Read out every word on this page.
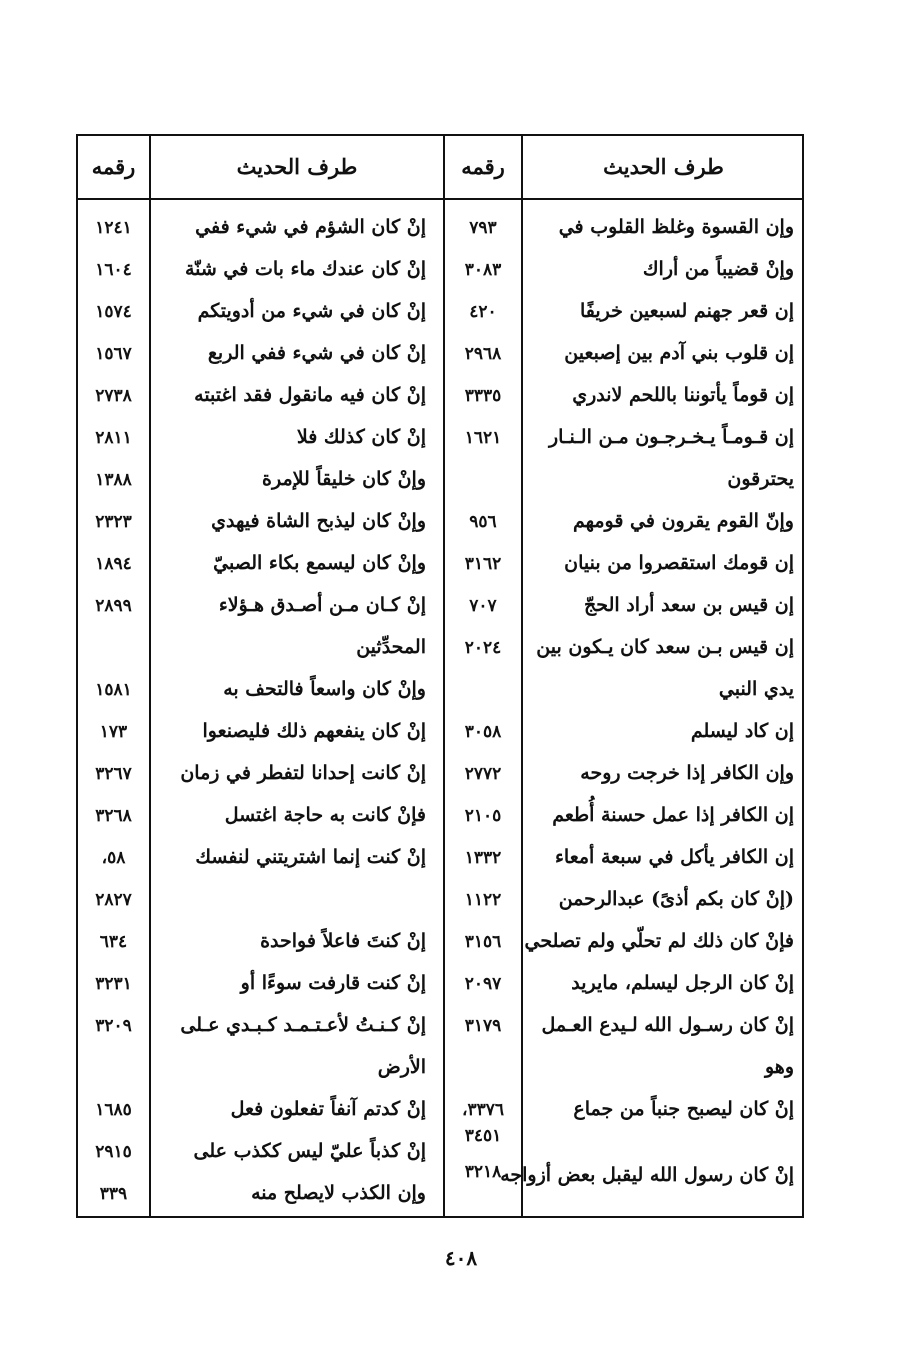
طرف الحديث
رقمه
طرف الحديث
رقمه
وإن القسوة وغلظ القلوب في
وإنْ قضيباً من أراك
إن قعر جهنم لسبعين خريفًا
إن قلوب بني آدم بين إصبعين
إن قوماً يأتوننا باللحم لاندري
إن قـومـاً يـخـرجـون مـن الـنـار
يحترقون
وإنّ القوم يقرون في قومهم
إن قومك استقصروا من بنيان
إن قيس بن سعد أراد الحجّ
إن قيس بـن سعد كان يـكون بين
يدي النبي
إن كاد ليسلم
وإن الكافر إذا خرجت روحه
إن الكافر إذا عمل حسنة أُطعم
إن الكافر يأكل في سبعة أمعاء
(إنْ كان بكم أذىً) عبدالرحمن
فإنْ كان ذلك لم تحلّي ولم تصلحي
إنْ كان الرجل ليسلم، مايريد
إنْ كان رسـول الله لـيدع العـمل
وهو
إنْ كان ليصبح جنباً من جماع
إنْ كان رسول الله ليقبل بعض أزواجه
٧٩٣
٣٠٨٣
٤٢٠
٢٩٦٨
٣٣٣٥
١٦٢١
٩٥٦
٣١٦٢
٧٠٧
٢٠٢٤
٣٠٥٨
٢٧٧٢
٢١٠٥
١٣٣٢
١١٢٢
٣١٥٦
٢٠٩٧
٣١٧٩
٣٣٧٦،
٣٤٥١
٣٢١٨
إنْ كان الشؤم في شيء ففي
إنْ كان عندك ماء بات في شنّة
إنْ كان في شيء من أدويتكم
إنْ كان في شيء ففي الربع
إنْ كان فيه مانقول فقد اغتبته
إنْ كان كذلك فلا
وإنْ كان خليقاً للإمرة
وإنْ كان ليذبح الشاة فيهدي
وإنْ كان ليسمع بكاء الصبيّ
إنْ كـان مـن أصـدق هـؤلاء
المحدِّثين
وإنْ كان واسعاً فالتحف به
إنْ كان ينفعهم ذلك فليصنعوا
إنْ كانت إحدانا لتفطر في زمان
فإنْ كانت به حاجة اغتسل
إنْ كنت إنما اشتريتني لنفسك
إنْ كنتَ فاعلاً فواحدة
إنْ كنت قارفت سوءًا أو
إنْ كـنـتُ لأعـتـمـد كـبـدي عـلى
الأرض
إنْ كدتم آنفاً تفعلون فعل
إنْ كذباً عليّ ليس ككذب على
وإن الكذب لايصلح منه
١٢٤١
١٦٠٤
١٥٧٤
١٥٦٧
٢٧٣٨
٢٨١١
١٣٨٨
٢٣٢٣
١٨٩٤
٢٨٩٩
١٥٨١
١٧٣
٣٢٦٧
٣٢٦٨
٥٨،
٢٨٢٧
٦٣٤
٣٢٣١
٣٢٠٩
١٦٨٥
٢٩١٥
٣٣٩
٤٠٨
